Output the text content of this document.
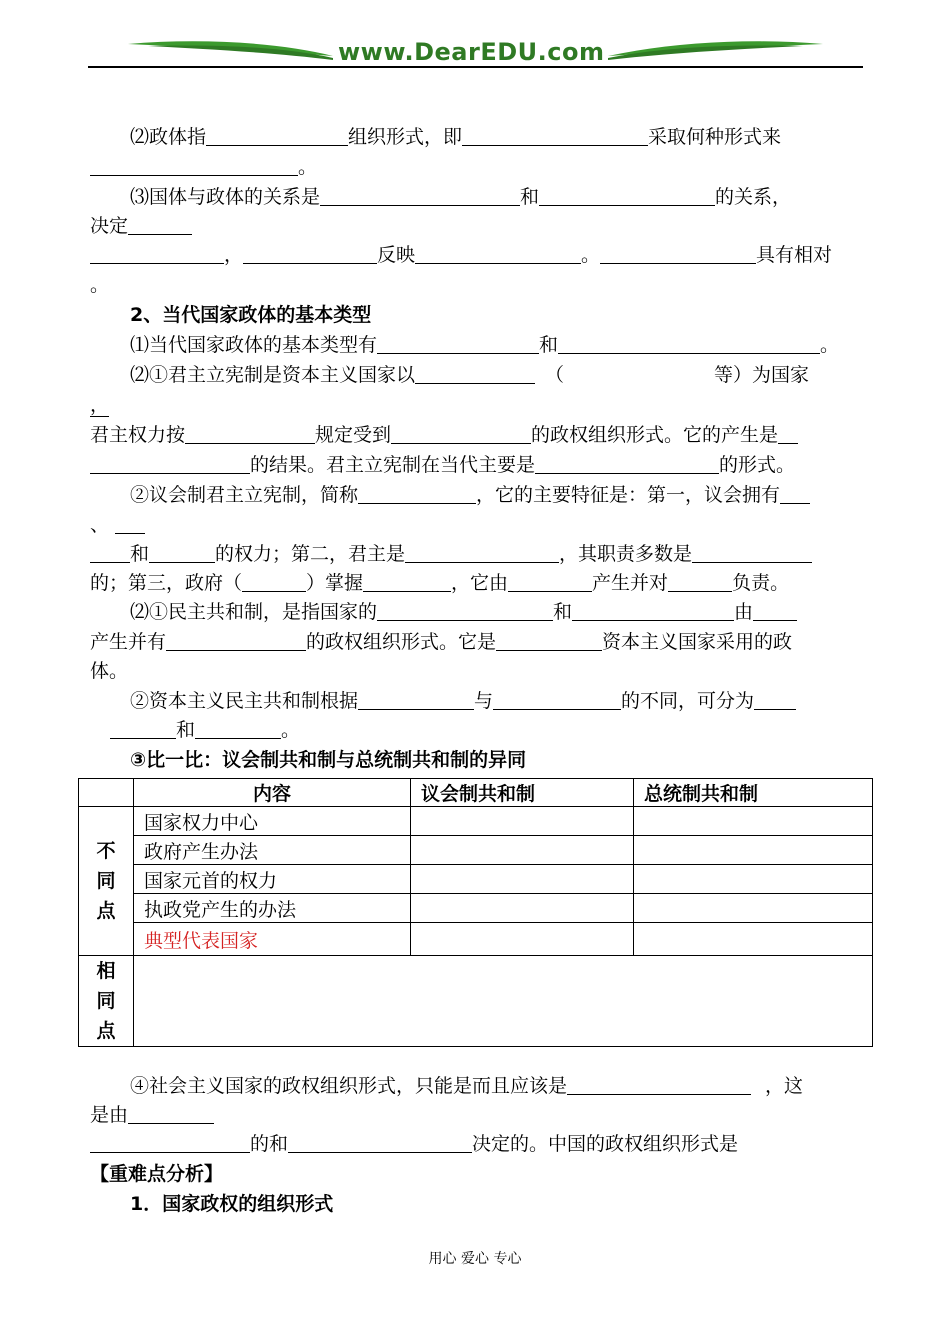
www.DearEDU.com
⑵政体指	组织形式，即	采取何种形式来
。
⑶国体与政体的关系是	和	的关系，
决定
，	反映	。	具有相对
。
2、当代国家政体的基本类型
⑴当代国家政体的基本类型有	和	。
⑵①君主立宪制是资本主义国家以	（	等）为国家
，
君主权力按	规定受到	的政权组织形式。它的产生是
的结果。君主立宪制在当代主要是	的形式。
②议会制君主立宪制，简称	，它的主要特征是：第一，议会拥有
、
和	的权力；第二，君主是	，其职责多数是
的；第三，政府（	）掌握	，它由	产生并对	负责。
⑵①民主共和制，是指国家的	和	由
产生并有	的政权组织形式。它是	资本主义国家采用的政
体。
②资本主义民主共和制根据	与	的不同，可分为
和	。
③比一比：议会制共和制与总统制共和制的异同
	内容	议会制共和制	总统制共和制

不
同
点	国家权力中心		
	政府产生办法		
	国家元首的权力		
	执政党产生的办法		
	典型代表国家		

相
同
点			

④社会主义国家的政权组织形式，只能是而且应该是	，这
是由
的和	决定的。中国的政权组织形式是
【重难点分析】
1．国家政权的组织形式
用心 爱心 专心
